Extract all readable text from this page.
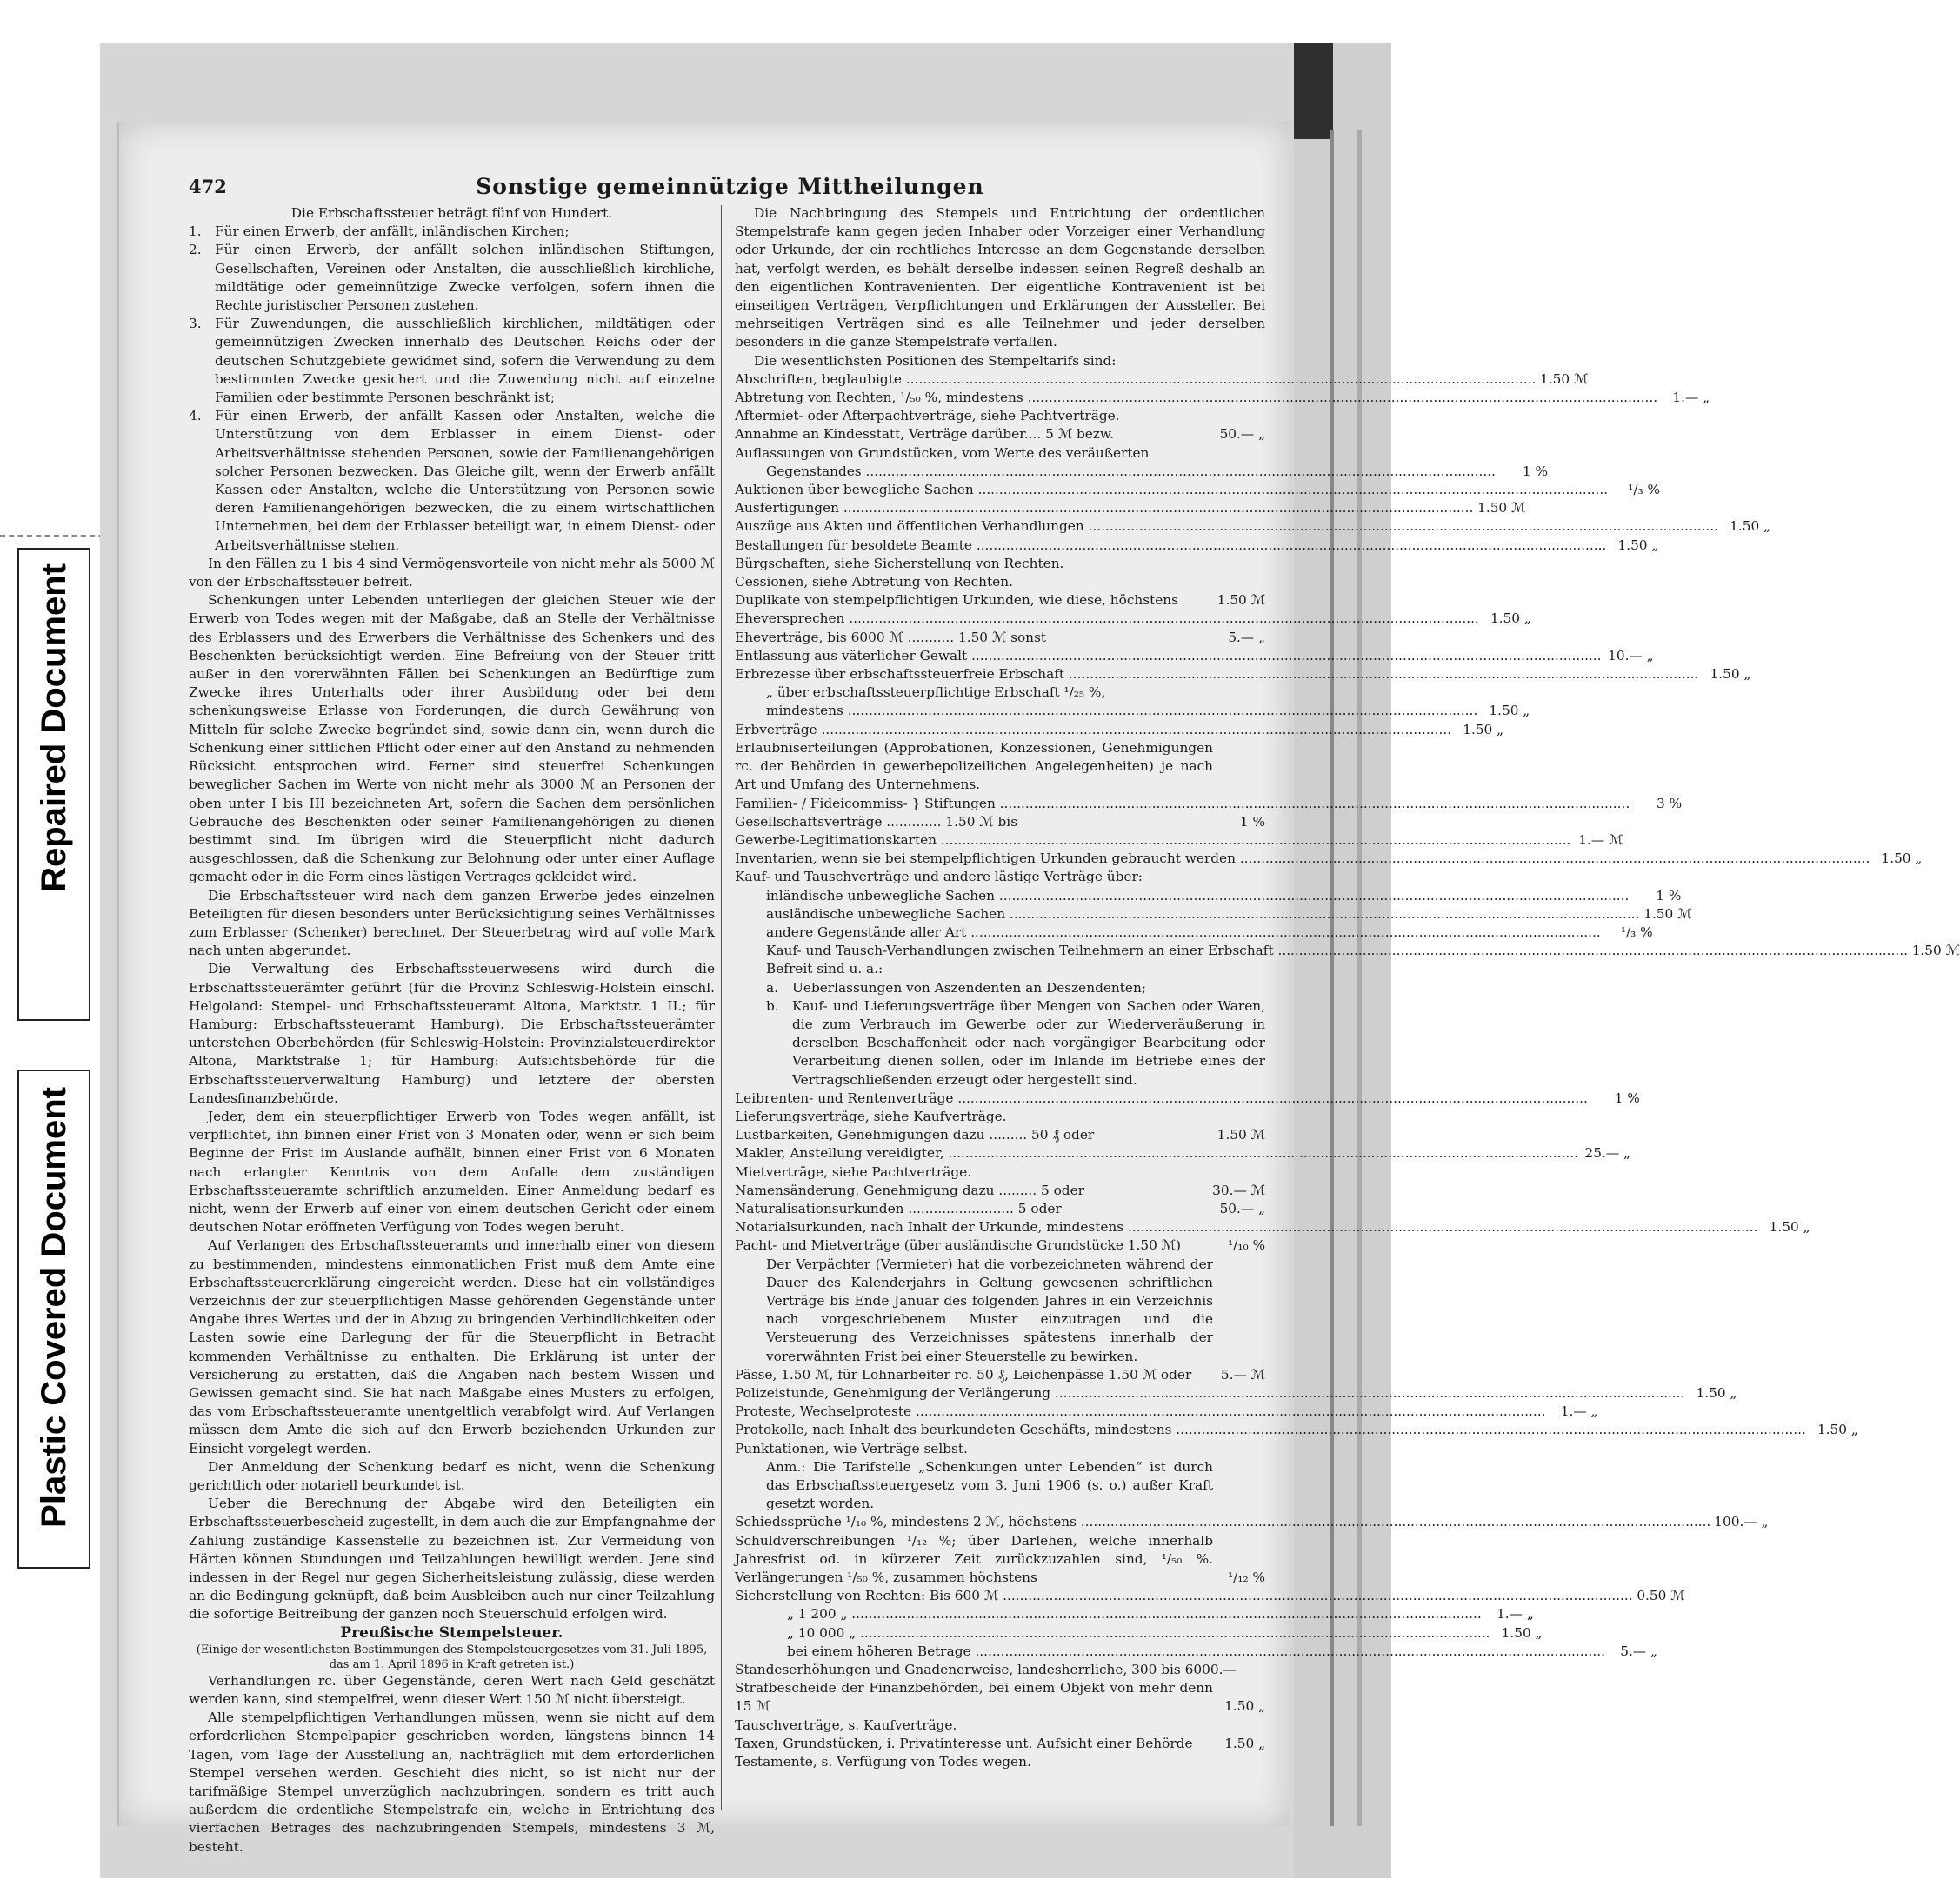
Repaired Document
Plastic Covered Document
472	Sonstige gemeinnützige Mittheilungen

Die Erbschaftssteuer beträgt fünf von Hundert.

1.	Für einen Erwerb, der anfällt, inländischen Kirchen;
2.	Für einen Erwerb, der anfällt solchen inländischen Stiftungen, Gesellschaften, Vereinen oder Anstalten, die ausschließlich kirchliche, mildtätige oder gemeinnützige Zwecke verfolgen, sofern ihnen die Rechte juristischer Personen zustehen.
3.	Für Zuwendungen, die ausschließlich kirchlichen, mildtätigen oder gemeinnützigen Zwecken innerhalb des Deutschen Reichs oder der deutschen Schutzgebiete gewidmet sind, sofern die Verwendung zu dem bestimmten Zwecke gesichert und die Zuwendung nicht auf einzelne Familien oder bestimmte Personen beschränkt ist;
4.	Für einen Erwerb, der anfällt Kassen oder Anstalten, welche die Unterstützung von dem Erblasser in einem Dienst- oder Arbeitsverhältnisse stehenden Personen, sowie der Familienangehörigen solcher Personen bezwecken. Das Gleiche gilt, wenn der Erwerb anfällt Kassen oder Anstalten, welche die Unterstützung von Personen sowie deren Familienangehörigen bezwecken, die zu einem wirtschaftlichen Unternehmen, bei dem der Erblasser beteiligt war, in einem Dienst- oder Arbeitsverhältnisse stehen.

In den Fällen zu 1 bis 4 sind Vermögensvorteile von nicht mehr als 5000 ℳ von der Erbschaftssteuer befreit.

Schenkungen unter Lebenden unterliegen der gleichen Steuer wie der Erwerb von Todes wegen mit der Maßgabe, daß an Stelle der Verhältnisse des Erblassers und des Erwerbers die Verhältnisse des Schenkers und des Beschenkten berücksichtigt werden. Eine Befreiung von der Steuer tritt außer in den vorerwähnten Fällen bei Schenkungen an Bedürftige zum Zwecke ihres Unterhalts oder ihrer Ausbildung oder bei dem schenkungsweise Erlasse von Forderungen, die durch Gewährung von Mitteln für solche Zwecke begründet sind, sowie dann ein, wenn durch die Schenkung einer sittlichen Pflicht oder einer auf den Anstand zu nehmenden Rücksicht entsprochen wird. Ferner sind steuerfrei Schenkungen beweglicher Sachen im Werte von nicht mehr als 3000 ℳ an Personen der oben unter I bis III bezeichneten Art, sofern die Sachen dem persönlichen Gebrauche des Beschenkten oder seiner Familienangehörigen zu dienen bestimmt sind. Im übrigen wird die Steuerpflicht nicht dadurch ausgeschlossen, daß die Schenkung zur Belohnung oder unter einer Auflage gemacht oder in die Form eines lästigen Vertrages gekleidet wird.

Die Erbschaftssteuer wird nach dem ganzen Erwerbe jedes einzelnen Beteiligten für diesen besonders unter Berücksichtigung seines Verhältnisses zum Erblasser (Schenker) berechnet. Der Steuerbetrag wird auf volle Mark nach unten abgerundet.

Die Verwaltung des Erbschaftssteuerwesens wird durch die Erbschaftssteuerämter geführt (für die Provinz Schleswig-Holstein einschl. Helgoland: Stempel- und Erbschaftssteueramt Altona, Marktstr. 1 II.; für Hamburg: Erbschaftssteueramt Hamburg). Die Erbschaftssteuerämter unterstehen Oberbehörden (für Schleswig-Holstein: Provinzialsteuerdirektor Altona, Marktstraße 1; für Hamburg: Aufsichtsbehörde für die Erbschaftssteuerverwaltung Hamburg) und letztere der obersten Landesfinanzbehörde.

Jeder, dem ein steuerpflichtiger Erwerb von Todes wegen anfällt, ist verpflichtet, ihn binnen einer Frist von 3 Monaten oder, wenn er sich beim Beginne der Frist im Auslande aufhält, binnen einer Frist von 6 Monaten nach erlangter Kenntnis von dem Anfalle dem zuständigen Erbschaftssteueramte schriftlich anzumelden. Einer Anmeldung bedarf es nicht, wenn der Erwerb auf einer von einem deutschen Gericht oder einem deutschen Notar eröffneten Verfügung von Todes wegen beruht.

Auf Verlangen des Erbschaftssteueramts und innerhalb einer von diesem zu bestimmenden, mindestens einmonatlichen Frist muß dem Amte eine Erbschaftssteuererklärung eingereicht werden. Diese hat ein vollständiges Verzeichnis der zur steuerpflichtigen Masse gehörenden Gegenstände unter Angabe ihres Wertes und der in Abzug zu bringenden Verbindlichkeiten oder Lasten sowie eine Darlegung der für die Steuerpflicht in Betracht kommenden Verhältnisse zu enthalten. Die Erklärung ist unter der Versicherung zu erstatten, daß die Angaben nach bestem Wissen und Gewissen gemacht sind. Sie hat nach Maßgabe eines Musters zu erfolgen, das vom Erbschaftssteueramte unentgeltlich verabfolgt wird. Auf Verlangen müssen dem Amte die sich auf den Erwerb beziehenden Urkunden zur Einsicht vorgelegt werden.

Der Anmeldung der Schenkung bedarf es nicht, wenn die Schenkung gerichtlich oder notariell beurkundet ist.

Ueber die Berechnung der Abgabe wird den Beteiligten ein Erbschaftssteuerbescheid zugestellt, in dem auch die zur Empfangnahme der Zahlung zuständige Kassenstelle zu bezeichnen ist. Zur Vermeidung von Härten können Stundungen und Teilzahlungen bewilligt werden. Jene sind indessen in der Regel nur gegen Sicherheitsleistung zulässig, diese werden an die Bedingung geknüpft, daß beim Ausbleiben auch nur einer Teilzahlung die sofortige Beitreibung der ganzen noch Steuerschuld erfolgen wird.

Preußische Stempelsteuer.

(Einige der wesentlichsten Bestimmungen des Stempelsteuergesetzes vom 31. Juli 1895, das am 1. April 1896 in Kraft getreten ist.)

Verhandlungen rc. über Gegenstände, deren Wert nach Geld geschätzt werden kann, sind stempelfrei, wenn dieser Wert 150 ℳ nicht übersteigt.

Alle stempelpflichtigen Verhandlungen müssen, wenn sie nicht auf dem erforderlichen Stempelpapier geschrieben worden, längstens binnen 14 Tagen, vom Tage der Ausstellung an, nachträglich mit dem erforderlichen Stempel versehen werden. Geschieht dies nicht, so ist nicht nur der tarifmäßige Stempel unverzüglich nachzubringen, sondern es tritt auch außerdem die ordentliche Stempelstrafe ein, welche in Entrichtung des vierfachen Betrages des nachzubringenden Stempels, mindestens 3 ℳ, besteht.

Die Nachbringung des Stempels und Entrichtung der ordentlichen Stempelstrafe kann gegen jeden Inhaber oder Vorzeiger einer Verhandlung oder Urkunde, der ein rechtliches Interesse an dem Gegenstande derselben hat, verfolgt werden, es behält derselbe indessen seinen Regreß deshalb an den eigentlichen Kontravenienten. Der eigentliche Kontravenient ist bei einseitigen Verträgen, Verpflichtungen und Erklärungen der Aussteller. Bei mehrseitigen Verträgen sind es alle Teilnehmer und jeder derselben besonders in die ganze Stempelstrafe verfallen.

Die wesentlichsten Positionen des Stempeltarifs sind:

Abschriften, beglaubigte .....	1.50 ℳ
Abtretung von Rechten, ¹/₅₀ %, mindestens .....	1.— „
Aftermiet- oder Afterpachtverträge, siehe Pachtverträge.
Annahme an Kindesstatt, Verträge darüber.... 5 ℳ bezw.	50.— „
Auflassungen von Grundstücken, vom Werte des veräußerten
Gegenstandes .....	1 %
Auktionen über bewegliche Sachen .....	¹/₃ %
Ausfertigungen .....	1.50 ℳ
Auszüge aus Akten und öffentlichen Verhandlungen .....	1.50 „
Bestallungen für besoldete Beamte .....	1.50 „
Bürgschaften, siehe Sicherstellung von Rechten.
Cessionen, siehe Abtretung von Rechten.
Duplikate von stempelpflichtigen Urkunden, wie diese, höchstens	1.50 ℳ
Eheversprechen .....	1.50 „
Eheverträge, bis 6000 ℳ ........... 1.50 ℳ sonst	5.— „
Entlassung aus väterlicher Gewalt .....	10.— „
Erbrezesse über erbschaftssteuerfreie Erbschaft .....	1.50 „
„ über erbschaftssteuerpflichtige Erbschaft ¹/₂₅ %,
mindestens .....	1.50 „
Erbverträge .....	1.50 „
Erlaubniserteilungen (Approbationen, Konzessionen, Genehmigungen rc. der Behörden in gewerbepolizeilichen Angelegenheiten) je nach Art und Umfang des Unternehmens.
Familien- / Fideicommiss- } Stiftungen .....	3 %
Gesellschaftsverträge ............. 1.50 ℳ bis	1 %
Gewerbe-Legitimationskarten .....	1.— ℳ
Inventarien, wenn sie bei stempelpflichtigen Urkunden gebraucht werden .....	1.50 „
Kauf- und Tauschverträge und andere lästige Verträge über:
inländische unbewegliche Sachen .....	1 %
ausländische unbewegliche Sachen .....	1.50 ℳ
andere Gegenstände aller Art .....	¹/₃ %
Kauf- und Tausch-Verhandlungen zwischen Teilnehmern an einer Erbschaft .....	1.50 ℳ
Befreit sind u. a.:
a.	Ueberlassungen von Aszendenten an Deszendenten;
b.	Kauf- und Lieferungsverträge über Mengen von Sachen oder Waren, die zum Verbrauch im Gewerbe oder zur Wiederveräußerung in derselben Beschaffenheit oder nach vorgängiger Bearbeitung oder Verarbeitung dienen sollen, oder im Inlande im Betriebe eines der Vertragschließenden erzeugt oder hergestellt sind.
Leibrenten- und Rentenverträge .....	1 %
Lieferungsverträge, siehe Kaufverträge.
Lustbarkeiten, Genehmigungen dazu ......... 50 ₰ oder	1.50 ℳ
Makler, Anstellung vereidigter, .....	25.— „
Mietverträge, siehe Pachtverträge.
Namensänderung, Genehmigung dazu ......... 5 oder	30.— ℳ
Naturalisationsurkunden ......................... 5 oder	50.— „
Notarialsurkunden, nach Inhalt der Urkunde, mindestens .....	1.50 „
Pacht- und Mietverträge (über ausländische Grundstücke 1.50 ℳ)	¹/₁₀ %
Der Verpächter (Vermieter) hat die vorbezeichneten während der Dauer des Kalenderjahrs in Geltung gewesenen schriftlichen Verträge bis Ende Januar des folgenden Jahres in ein Verzeichnis nach vorgeschriebenem Muster einzutragen und die Versteuerung des Verzeichnisses spätestens innerhalb der vorerwähnten Frist bei einer Steuerstelle zu bewirken.
Pässe, 1.50 ℳ, für Lohnarbeiter rc. 50 ₰, Leichenpässe 1.50 ℳ oder	5.— ℳ
Polizeistunde, Genehmigung der Verlängerung .....	1.50 „
Proteste, Wechselproteste .....	1.— „
Protokolle, nach Inhalt des beurkundeten Geschäfts, mindestens .....	1.50 „
Punktationen, wie Verträge selbst.
Anm.: Die Tarifstelle „Schenkungen unter Lebenden“ ist durch das Erbschaftssteuergesetz vom 3. Juni 1906 (s. o.) außer Kraft gesetzt worden.
Schiedssprüche ¹/₁₀ %, mindestens 2 ℳ, höchstens .....	100.— „
Schuldverschreibungen ¹/₁₂ %; über Darlehen, welche innerhalb Jahresfrist od. in kürzerer Zeit zurückzuzahlen sind, ¹/₅₀ %. Verlängerungen ¹/₅₀ %, zusammen höchstens	¹/₁₂ %
Sicherstellung von Rechten: Bis 600 ℳ .....	0.50 ℳ
„ 1 200 „ .....	1.— „
„ 10 000 „ .....	1.50 „
bei einem höheren Betrage .....	5.— „
Standeserhöhungen und Gnadenerweise, landesherrliche, 300 bis 6000.—
Strafbescheide der Finanzbehörden, bei einem Objekt von mehr denn 15 ℳ	1.50 „
Tauschverträge, s. Kaufverträge.
Taxen, Grundstücken, i. Privatinteresse unt. Aufsicht einer Behörde	1.50 „
Testamente, s. Verfügung von Todes wegen.
